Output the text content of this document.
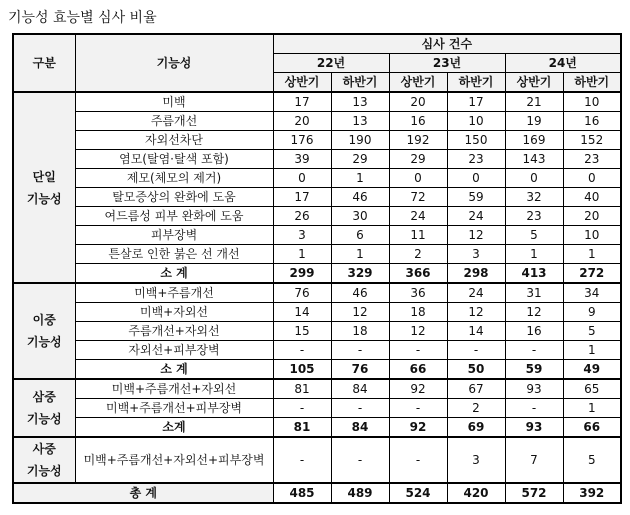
기능성 효능별 심사 비율
구분	기능성	심사 건수					
		22년		23년		24년	
		상반기	하반기	상반기	하반기	상반기	하반기
단일
기능성	미백	17	13	20	17	21	10
	주름개선	20	13	16	10	19	16
	자외선차단	176	190	192	150	169	152
	염모(탈염·탈색 포함)	39	29	29	23	143	23
	제모(체모의 제거)	0	1	0	0	0	0
	탈모증상의 완화에 도움	17	46	72	59	32	40
	여드름성 피부 완화에 도움	26	30	24	24	23	20
	피부장벽	3	6	11	12	5	10
	튼살로 인한 붉은 선 개선	1	1	2	3	1	1
	소 계	299	329	366	298	413	272
이중
기능성	미백+주름개선	76	46	36	24	31	34
	미백+자외선	14	12	18	12	12	9
	주름개선+자외선	15	18	12	14	16	5
	자외선+피부장벽	-	-	-	-	-	1
	소 계	105	76	66	50	59	49
삼중
기능성	미백+주름개선+자외선	81	84	92	67	93	65
	미백+주름개선+피부장벽	-	-	-	2	-	1
	소계	81	84	92	69	93	66
사중
기능성	미백+주름개선+자외선+피부장벽	-	-	-	3	7	5
총 계		485	489	524	420	572	392
